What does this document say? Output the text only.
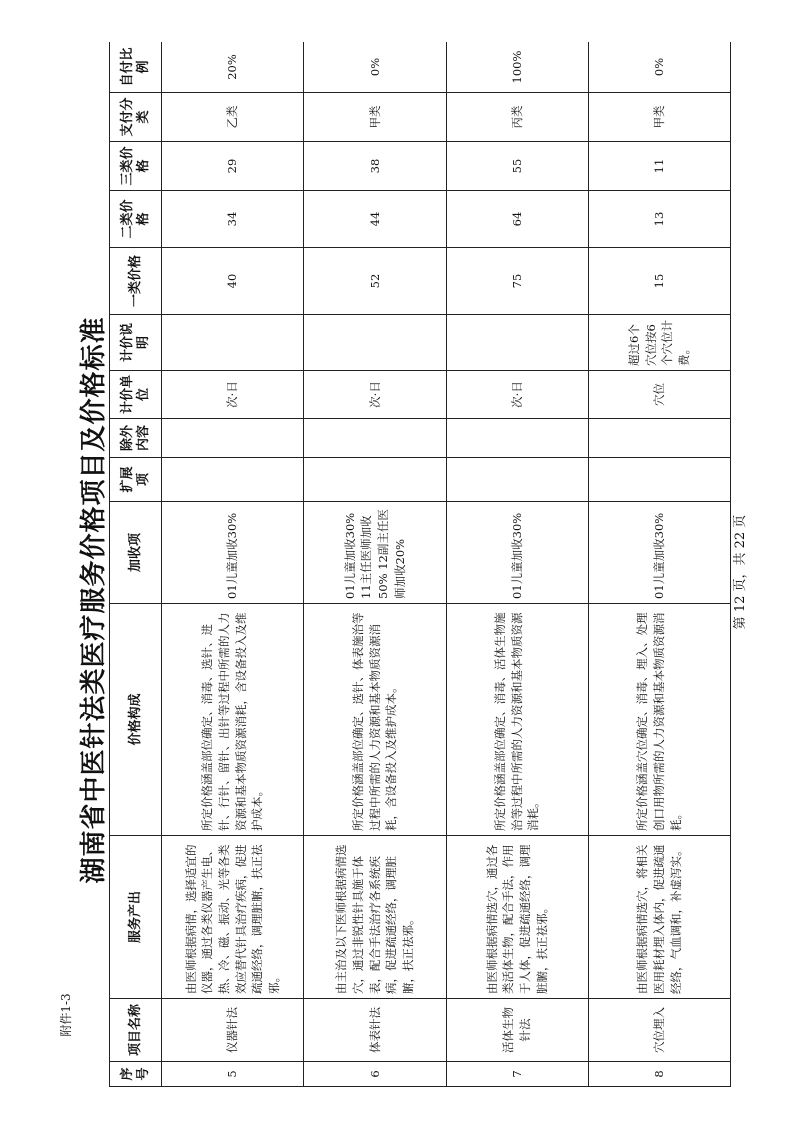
附件1-3
湖南省中医针法类医疗服务价格项目及价格标准	第 12 页，共 22 页
序号	项目名称	服务产出	价格构成	加收项	扩展项	除外内容	计价单位	计价说明	一类价格	二类价格	三类价格	支付分类	自付比例
5	仪器针法	由医师根据病情，选择适宜的仪器，通过各类仪器产生电、热、冷、磁、振动、光等各类效应替代针具治疗疾病，促进疏通经络，调理脏腑，扶正祛邪。	所定价格涵盖部位确定、消毒、选针、进针、行针、留针、出针等过程中所需的人力资源和基本物质资源消耗，含设备投入及维护成本。	01儿童加收30%			次·日		40	34	29	乙类	20%
6	体表针法	由主治及以下医师根据病情选穴，通过非锐性针具施于体表，配合手法治疗各系统疾病，促进疏通经络，调理脏腑，扶正祛邪。	所定价格涵盖部位确定、选针、体表施治等过程中所需的人力资源和基本物质资源消耗，含设备投入及维护成本。	01儿童加收30% 11主任医师加收50% 12副主任医师加收20%			次·日		52	44	38	甲类	0%
7	活体生物针法	由医师根据病情选穴，通过各类活体生物，配合手法，作用于人体，促进疏通经络，调理脏腑，扶正祛邪。	所定价格涵盖部位确定、消毒、活体生物施治等过程中所需的人力资源和基本物质资源消耗。	01儿童加收30%			次·日		75	64	55	丙类	100%
8	穴位埋入	由医师根据病情选穴，将相关医用耗材埋入体内，促进疏通经络，气血调和，补虚泻实。	所定价格涵盖穴位确定、消毒、埋入、处理创口用物所需的人力资源和基本物质资源消耗。	01儿童加收30%			穴位	超过6个穴位按6个穴位计费。	15	13	11	甲类	0%
